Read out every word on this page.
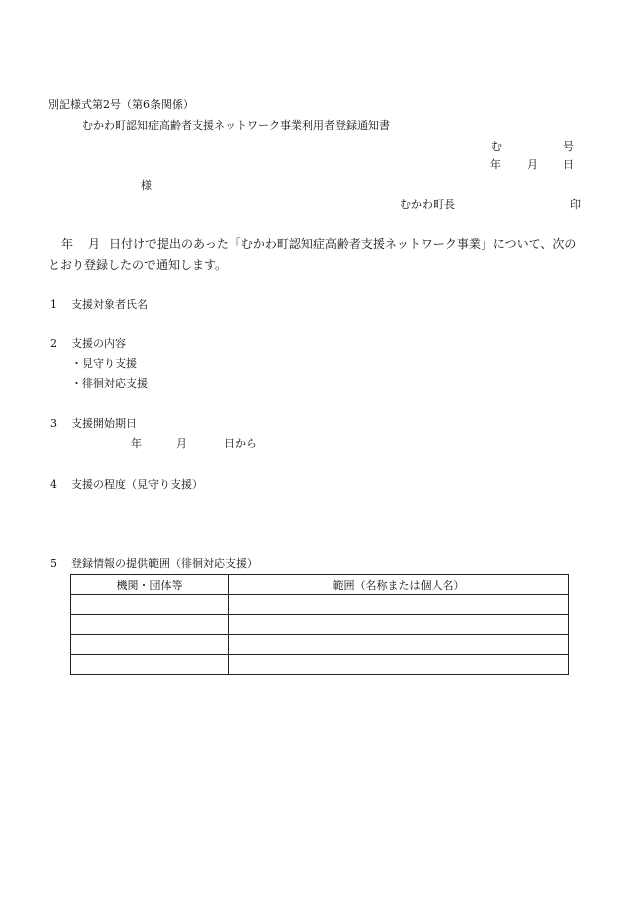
別記様式第2号（第6条関係）
むかわ町認知症高齢者支援ネットワーク事業利用者登録通知書
む	号
年 月 日
様
むかわ町長	印
年 月 日付けで提出のあった「むかわ町認知症高齢者支援ネットワーク事業」について、次の
とおり登録したので通知します。
1 支援対象者氏名
2 支援の内容
・見守り支援
・徘徊対応支援
3 支援開始期日
年	月	日から
4 支援の程度（見守り支援）
5 登録情報の提供範囲（徘徊対応支援）
機関・団体等	範囲（名称または個人名）
